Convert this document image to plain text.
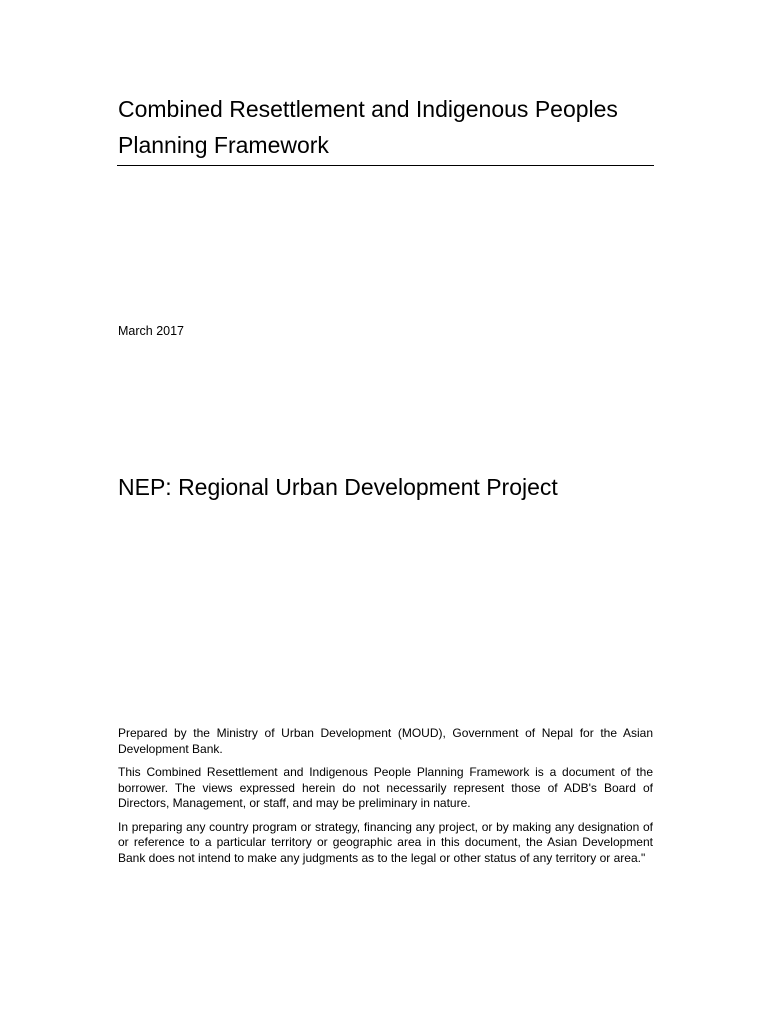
Combined Resettlement and Indigenous Peoples
Planning Framework

March 2017

NEP: Regional Urban Development Project

Prepared by the Ministry of Urban Development (MOUD), Government of Nepal for the Asian Development Bank.

This Combined Resettlement and Indigenous People Planning Framework is a document of the borrower. The views expressed herein do not necessarily represent those of ADB's Board of Directors, Management, or staff, and may be preliminary in nature.

In preparing any country program or strategy, financing any project, or by making any designation of or reference to a particular territory or geographic area in this document, the Asian Development Bank does not intend to make any judgments as to the legal or other status of any territory or area."
